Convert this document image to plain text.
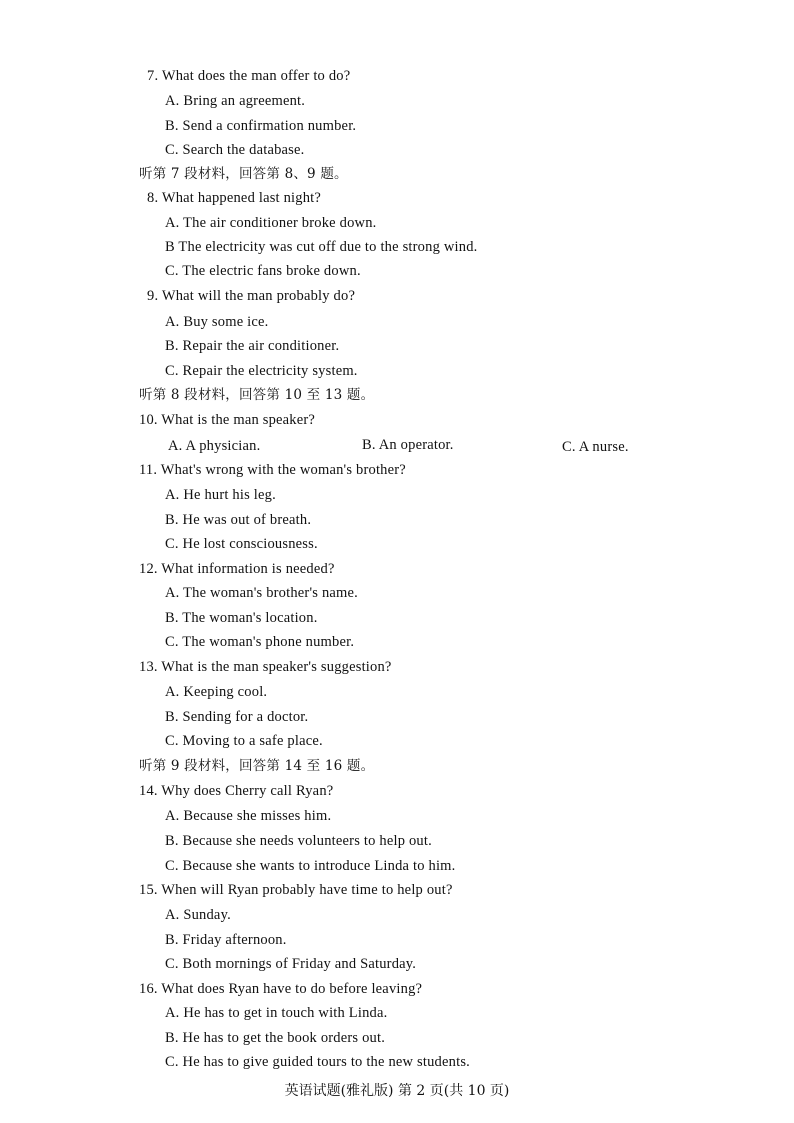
7. What does the man offer to do?
A. Bring an agreement.
B. Send a confirmation number.
C. Search the database.
听第 7 段材料，回答第 8、9 题。
8. What happened last night?
A. The air conditioner broke down.
B The electricity was cut off due to the strong wind.
C. The electric fans broke down.
9. What will the man probably do?
A. Buy some ice.
B. Repair the air conditioner.
C. Repair the electricity system.
听第 8 段材料，回答第 10 至 13 题。
10. What is the man speaker?
A. A physician.	B. An operator.	C. A nurse.
11. What's wrong with the woman's brother?
A. He hurt his leg.
B. He was out of breath.
C. He lost consciousness.
12. What information is needed?
A. The woman's brother's name.
B. The woman's location.
C. The woman's phone number.
13. What is the man speaker's suggestion?
A. Keeping cool.
B. Sending for a doctor.
C. Moving to a safe place.
听第 9 段材料，回答第 14 至 16 题。
14. Why does Cherry call Ryan?
A. Because she misses him.
B. Because she needs volunteers to help out.
C. Because she wants to introduce Linda to him.
15. When will Ryan probably have time to help out?
A. Sunday.
B. Friday afternoon.
C. Both mornings of Friday and Saturday.
16. What does Ryan have to do before leaving?
A. He has to get in touch with Linda.
B. He has to get the book orders out.
C. He has to give guided tours to the new students.
英语试题(雅礼版) 第 2 页(共 10 页)
